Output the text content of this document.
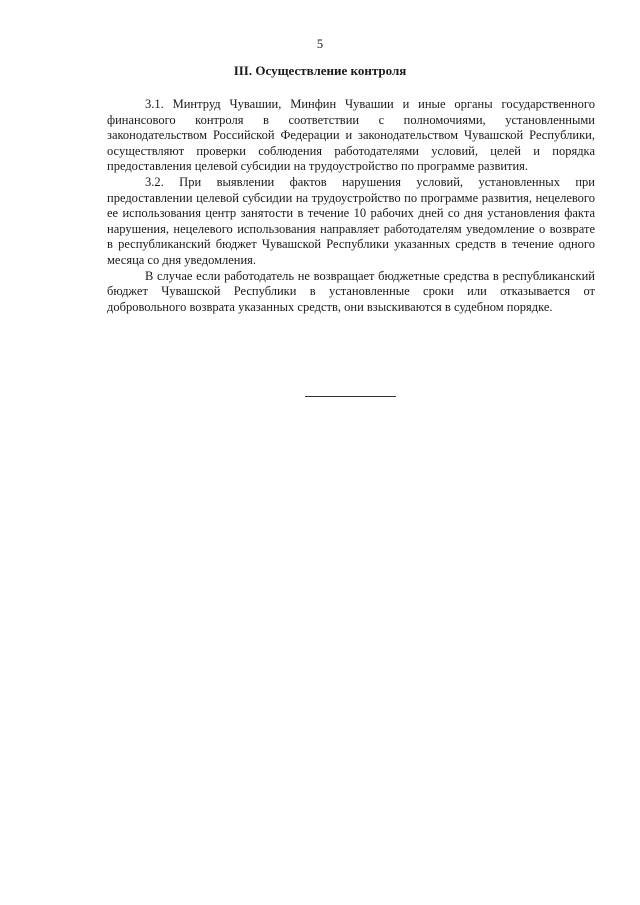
5
III. Осуществление контроля

3.1. Минтруд Чувашии, Минфин Чувашии и иные органы государственного финансового контроля в соответствии с полномочиями, установленными законодательством Российской Федерации и законодательством Чувашской Республики, осуществляют проверки соблюдения работодателями условий, целей и порядка предоставления целевой субсидии на трудоустройство по программе развития.

3.2. При выявлении фактов нарушения условий, установленных при предоставлении целевой субсидии на трудоустройство по программе развития, нецелевого ее использования центр занятости в течение 10 рабочих дней со дня установления факта нарушения, нецелевого использования направляет работодателям уведомление о возврате в республиканский бюджет Чувашской Республики указанных средств в течение одного месяца со дня уведомления.

В случае если работодатель не возвращает бюджетные средства в республиканский бюджет Чувашской Республики в установленные сроки или отказывается от добровольного возврата указанных средств, они взыскиваются в судебном порядке.
